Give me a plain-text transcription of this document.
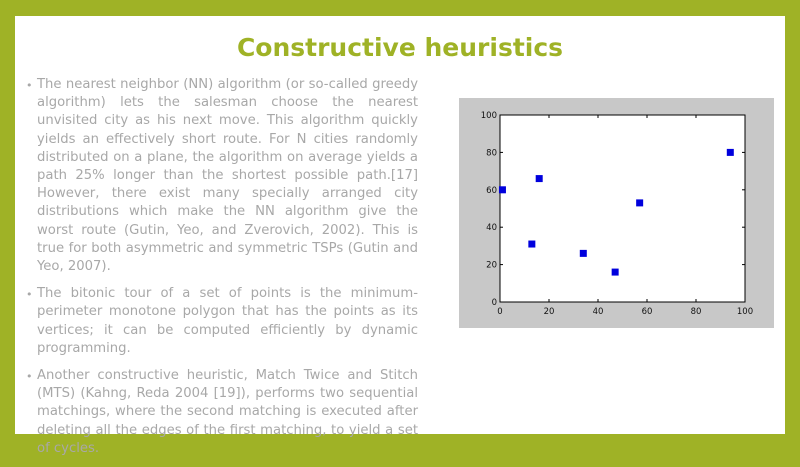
Constructive heuristics
• The nearest neighbor (NN) algorithm (or so-called greedy algorithm) lets the salesman choose the nearest unvisited city as his next move. This algorithm quickly yields an effectively short route. For N cities randomly distributed on a plane, the algorithm on average yields a path 25% longer than the shortest possible path.[17] However, there exist many specially arranged city distributions which make the NN algorithm give the worst route (Gutin, Yeo, and Zverovich, 2002). This is true for both asymmetric and symmetric TSPs (Gutin and Yeo, 2007).
• The bitonic tour of a set of points is the minimum-perimeter monotone polygon that has the points as its vertices; it can be computed efficiently by dynamic programming.
• Another constructive heuristic, Match Twice and Stitch (MTS) (Kahng, Reda 2004 [19]), performs two sequential matchings, where the second matching is executed after deleting all the edges of the first matching, to yield a set of cycles.
0	20	40	60	80	100
0
20
40
60
80
100
